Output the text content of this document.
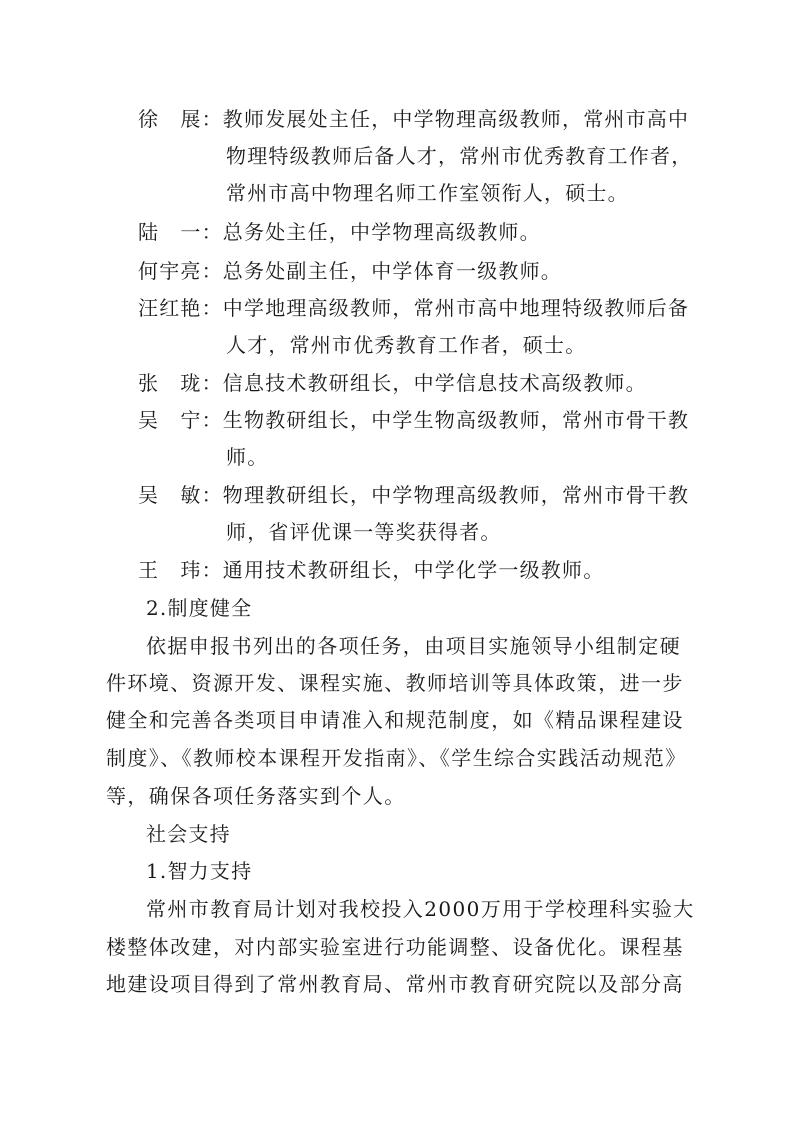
徐　展：教师发展处主任，中学物理高级教师，常州市高中
物理特级教师后备人才，常州市优秀教育工作者，
常州市高中物理名师工作室领衔人，硕士。
陆　一：总务处主任，中学物理高级教师。
何宇亮：总务处副主任，中学体育一级教师。
汪红艳：中学地理高级教师，常州市高中地理特级教师后备
人才，常州市优秀教育工作者，硕士。
张　珑：信息技术教研组长，中学信息技术高级教师。
吴　宁：生物教研组长，中学生物高级教师，常州市骨干教
师。
吴　敏：物理教研组长，中学物理高级教师，常州市骨干教
师，省评优课一等奖获得者。
王　玮：通用技术教研组长，中学化学一级教师。
2.制度健全
依据申报书列出的各项任务，由项目实施领导小组制定硬
件环境、资源开发、课程实施、教师培训等具体政策，进一步
健全和完善各类项目申请准入和规范制度，如《精品课程建设
制度》、《教师校本课程开发指南》、《学生综合实践活动规范》
等，确保各项任务落实到个人。
社会支持
1.智力支持
常州市教育局计划对我校投入2000万用于学校理科实验大
楼整体改建，对内部实验室进行功能调整、设备优化。课程基
地建设项目得到了常州教育局、常州市教育研究院以及部分高
